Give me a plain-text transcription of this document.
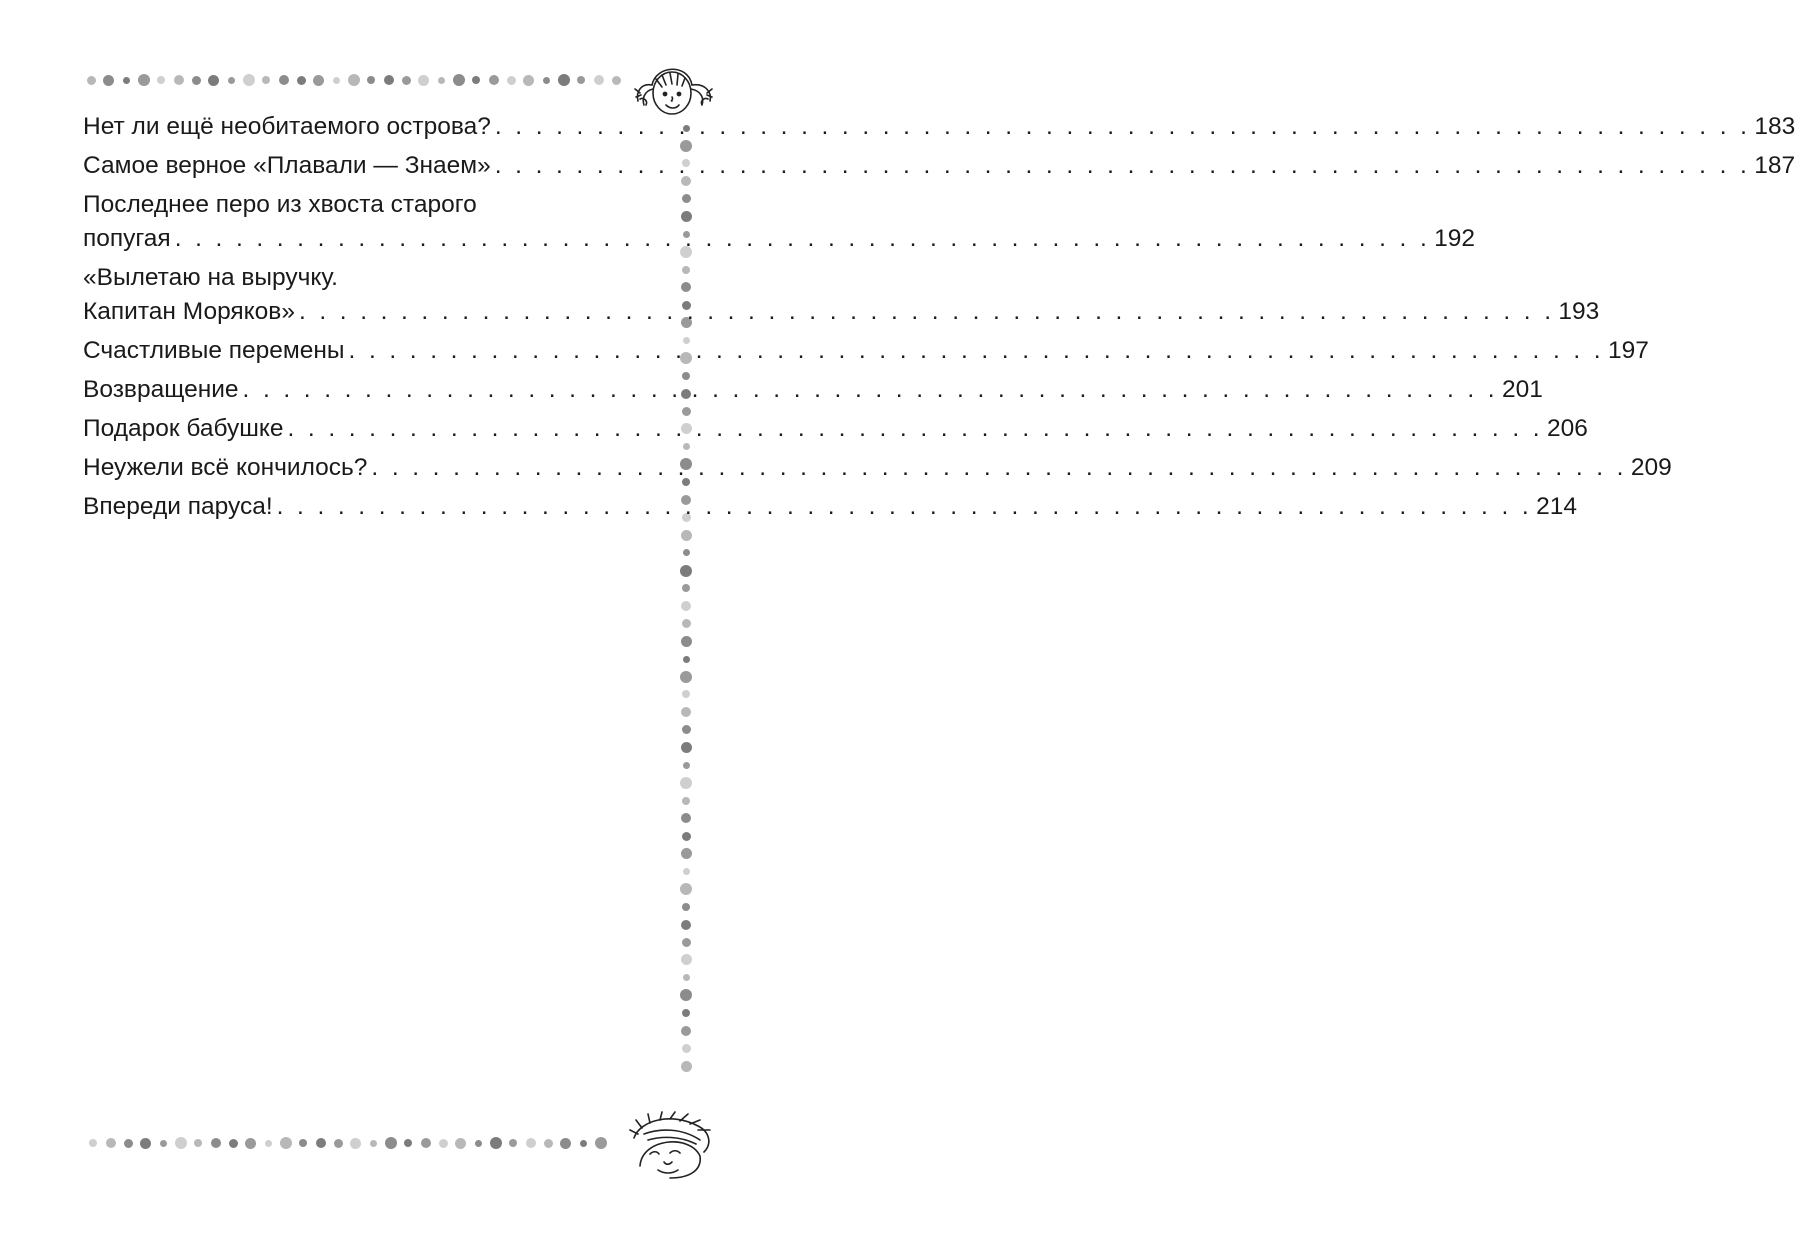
Нет ли ещё необитаемого острова? . . . . . . . . . . . . . . . . . . . . . . . . . . . . . . . . . . . . . . . . . . . . . . . . . . . . . . . . . . . . . . 183
Самое верное «Плавали — Знаем» . . . . . . . . . . . . . . . . . . . . . . . . . . . . . . . . . . . . . . . . . . . . . . . . . . . . . . . . . . . . . . 187
Последнее перо из хвоста старого
попугая . . . . . . . . . . . . . . . . . . . . . . . . . . . . . . . . . . . . . . . . . . . . . . . . . . . . . . . . . . . . . . 192
«Вылетаю на выручку.
Капитан Моряков» . . . . . . . . . . . . . . . . . . . . . . . . . . . . . . . . . . . . . . . . . . . . . . . . . . . . . . . . . . . . . . 193
Счастливые перемены . . . . . . . . . . . . . . . . . . . . . . . . . . . . . . . . . . . . . . . . . . . . . . . . . . . . . . . . . . . . . . 197
Возвращение . . . . . . . . . . . . . . . . . . . . . . . . . . . . . . . . . . . . . . . . . . . . . . . . . . . . . . . . . . . . . . 201
Подарок бабушке . . . . . . . . . . . . . . . . . . . . . . . . . . . . . . . . . . . . . . . . . . . . . . . . . . . . . . . . . . . . . . 206
Неужели всё кончилось? . . . . . . . . . . . . . . . . . . . . . . . . . . . . . . . . . . . . . . . . . . . . . . . . . . . . . . . . . . . . . . 209
Впереди паруса! . . . . . . . . . . . . . . . . . . . . . . . . . . . . . . . . . . . . . . . . . . . . . . . . . . . . . . . . . . . . . . 214
